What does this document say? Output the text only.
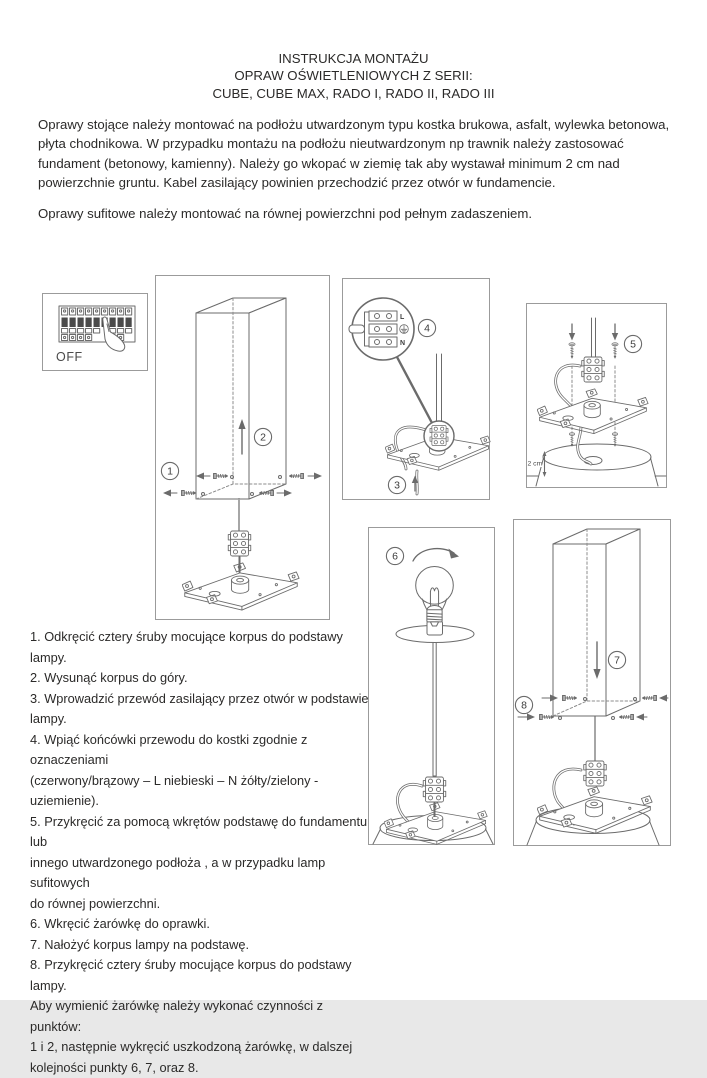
INSTRUKCJA MONTAŻU
OPRAW OŚWIETLENIOWYCH Z SERII:
CUBE, CUBE MAX, RADO I, RADO II, RADO III
Oprawy stojące należy montować na podłożu utwardzonym typu kostka brukowa, asfalt, wylewka betonowa,
płyta chodnikowa. W przypadku montażu na podłożu nieutwardzonym np trawnik należy zastosować
fundament (betonowy, kamienny). Należy go wkopać w ziemię tak aby wystawał minimum 2 cm nad
powierzchnie gruntu. Kabel zasilający powinien przechodzić przez otwór w fundamencie.
Oprawy sufitowe należy montować na równej powierzchni pod pełnym zadaszeniem.
OFF
2
1
L
N
4
3
5
2 cm
6
7
8
1. Odkręcić cztery śruby mocujące korpus do podstawy lampy.
2. Wysunąć korpus do góry.
3. Wprowadzić przewód zasilający przez otwór w podstawie lampy.
4. Wpiąć końcówki przewodu do kostki zgodnie z oznaczeniami
(czerwony/brązowy – L niebieski – N żółty/zielony - uziemienie).
5. Przykręcić za pomocą wkrętów podstawę do fundamentu lub
innego utwardzonego podłoża , a w przypadku lamp sufitowych
do równej powierzchni.
6. Wkręcić żarówkę do oprawki.
7. Nałożyć korpus lampy na podstawę.
8. Przykręcić cztery śruby mocujące korpus do podstawy lampy.
Aby wymienić żarówkę należy wykonać czynności z punktów:
1 i 2, następnie wykręcić uszkodzoną żarówkę, w dalszej kolejności punkty 6, 7, oraz 8.
